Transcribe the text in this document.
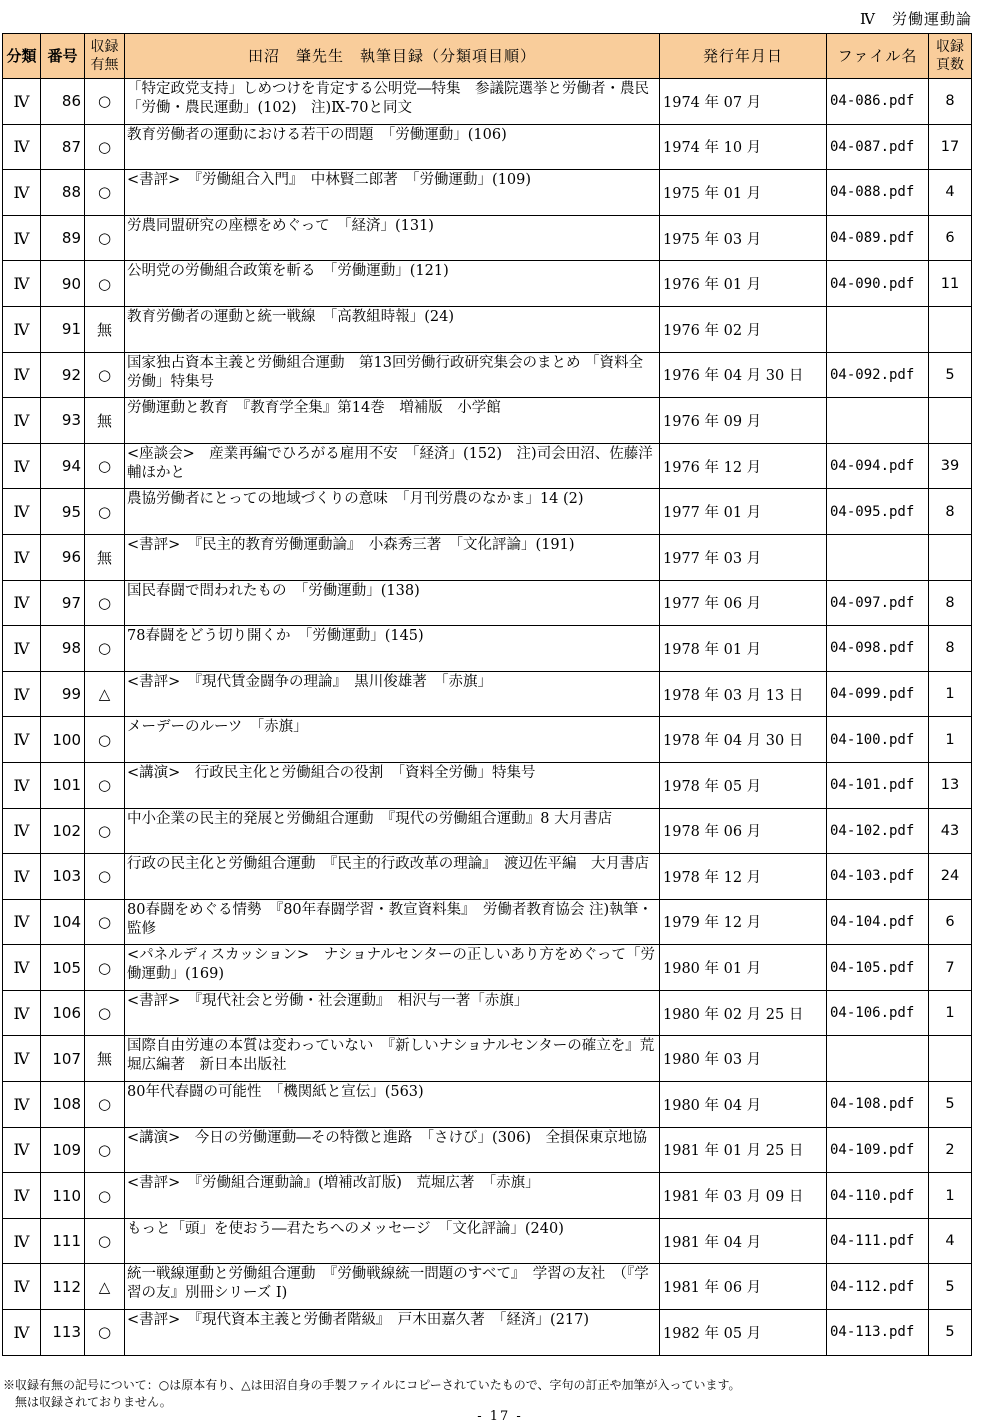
Ⅳ　労働運動論
分類	番号	収録有無	田沼　肇先生　執筆目録（分類項目順）	発行年月日	ファイル名	収録頁数
Ⅳ	86	○	「特定政党支持」しめつけを肯定する公明党―特集　参議院選挙と労働者・農民「労働・農民運動」(102)　注)Ⅸ-70と同文	1974 年 07 月	04-086.pdf	8
Ⅳ	87	○	教育労働者の運動における若干の問題　「労働運動」(106)	1974 年 10 月	04-087.pdf	17
Ⅳ	88	○	<書評>　『労働組合入門』　中林賢二郎著　「労働運動」(109)	1975 年 01 月	04-088.pdf	4
Ⅳ	89	○	労農同盟研究の座標をめぐって　「経済」(131)	1975 年 03 月	04-089.pdf	6
Ⅳ	90	○	公明党の労働組合政策を斬る　「労働運動」(121)	1976 年 01 月	04-090.pdf	11
Ⅳ	91	無	教育労働者の運動と統一戦線　「高教組時報」(24)	1976 年 02 月		
Ⅳ	92	○	国家独占資本主義と労働組合運動　第13回労働行政研究集会のまとめ 「資料全労働」特集号	1976 年 04 月 30 日	04-092.pdf	5
Ⅳ	93	無	労働運動と教育　『教育学全集』第14巻　増補版　小学館	1976 年 09 月		
Ⅳ	94	○	<座談会>　産業再編でひろがる雇用不安　「経済」(152)　注)司会田沼、佐藤洋輔ほかと	1976 年 12 月	04-094.pdf	39
Ⅳ	95	○	農協労働者にとっての地域づくりの意味　「月刊労農のなかま」14 (2)	1977 年 01 月	04-095.pdf	8
Ⅳ	96	無	<書評>　『民主的教育労働運動論』　小森秀三著　「文化評論」(191)	1977 年 03 月		
Ⅳ	97	○	国民春闘で問われたもの　「労働運動」(138)	1977 年 06 月	04-097.pdf	8
Ⅳ	98	○	78春闘をどう切り開くか　「労働運動」(145)	1978 年 01 月	04-098.pdf	8
Ⅳ	99	△	<書評>　『現代賃金闘争の理論』　黒川俊雄著　「赤旗」	1978 年 03 月 13 日	04-099.pdf	1
Ⅳ	100	○	メーデーのルーツ　「赤旗」	1978 年 04 月 30 日	04-100.pdf	1
Ⅳ	101	○	<講演>　行政民主化と労働組合の役割　「資料全労働」特集号	1978 年 05 月	04-101.pdf	13
Ⅳ	102	○	中小企業の民主的発展と労働組合運動　『現代の労働組合運動』8 大月書店	1978 年 06 月	04-102.pdf	43
Ⅳ	103	○	行政の民主化と労働組合運動　『民主的行政改革の理論』　渡辺佐平編　大月書店	1978 年 12 月	04-103.pdf	24
Ⅳ	104	○	80春闘をめぐる情勢　『80年春闘学習・教宣資料集』　労働者教育協会 注)執筆・監修	1979 年 12 月	04-104.pdf	6
Ⅳ	105	○	<パネルディスカッション>　ナショナルセンターの正しいあり方をめぐって「労働運動」(169)	1980 年 01 月	04-105.pdf	7
Ⅳ	106	○	<書評>　『現代社会と労働・社会運動』　相沢与一著「赤旗」	1980 年 02 月 25 日	04-106.pdf	1
Ⅳ	107	無	国際自由労連の本質は変わっていない　『新しいナショナルセンターの確立を』荒堀広編著　新日本出版社	1980 年 03 月		
Ⅳ	108	○	80年代春闘の可能性　「機関紙と宣伝」(563)	1980 年 04 月	04-108.pdf	5
Ⅳ	109	○	<講演>　今日の労働運動―その特徴と進路　「さけび」(306)　全損保東京地協	1981 年 01 月 25 日	04-109.pdf	2
Ⅳ	110	○	<書評>　『労働組合運動論』(増補改訂版)　荒堀広著　「赤旗」	1981 年 03 月 09 日	04-110.pdf	1
Ⅳ	111	○	もっと「頭」を使おう―君たちへのメッセージ　「文化評論」(240)	1981 年 04 月	04-111.pdf	4
Ⅳ	112	△	統一戦線運動と労働組合運動　『労働戦線統一問題のすべて』　学習の友社　（『学習の友』別冊シリーズ Ⅰ)	1981 年 06 月	04-112.pdf	5
Ⅳ	113	○	<書評>　『現代資本主義と労働者階級』　戸木田嘉久著　「経済」(217)	1982 年 05 月	04-113.pdf	5
※収録有無の記号について：○は原本有り、△は田沼自身の手製ファイルにコピーされていたもので、字句の訂正や加筆が入っています。
　無は収録されておりません。
- 17 -
